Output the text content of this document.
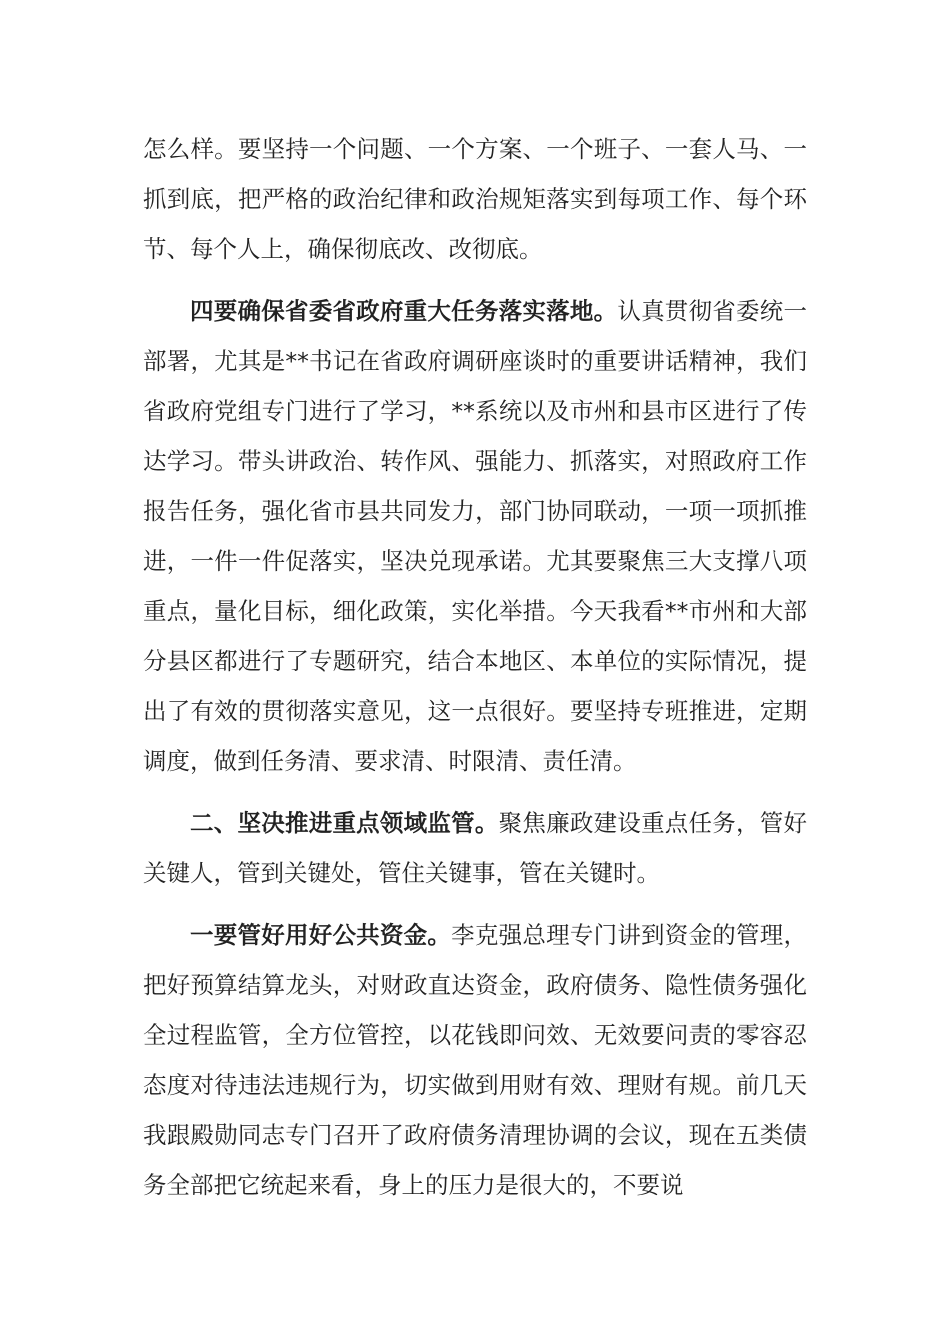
怎么样。要坚持一个问题、一个方案、一个班子、一套人马、一抓到底，把严格的政治纪律和政治规矩落实到每项工作、每个环节、每个人上，确保彻底改、改彻底。

四要确保省委省政府重大任务落实落地。认真贯彻省委统一部署，尤其是**书记在省政府调研座谈时的重要讲话精神，我们省政府党组专门进行了学习，**系统以及市州和县市区进行了传达学习。带头讲政治、转作风、强能力、抓落实，对照政府工作报告任务，强化省市县共同发力，部门协同联动，一项一项抓推进，一件一件促落实，坚决兑现承诺。尤其要聚焦三大支撑八项重点，量化目标，细化政策，实化举措。今天我看**市州和大部分县区都进行了专题研究，结合本地区、本单位的实际情况，提出了有效的贯彻落实意见，这一点很好。要坚持专班推进，定期调度，做到任务清、要求清、时限清、责任清。

二、坚决推进重点领域监管。聚焦廉政建设重点任务，管好关键人，管到关键处，管住关键事，管在关键时。

一要管好用好公共资金。李克强总理专门讲到资金的管理，把好预算结算龙头，对财政直达资金，政府债务、隐性债务强化全过程监管，全方位管控，以花钱即问效、无效要问责的零容忍态度对待违法违规行为，切实做到用财有效、理财有规。前几天我跟殿勋同志专门召开了政府债务清理协调的会议，现在五类债务全部把它统起来看，身上的压力是很大的，不要说
